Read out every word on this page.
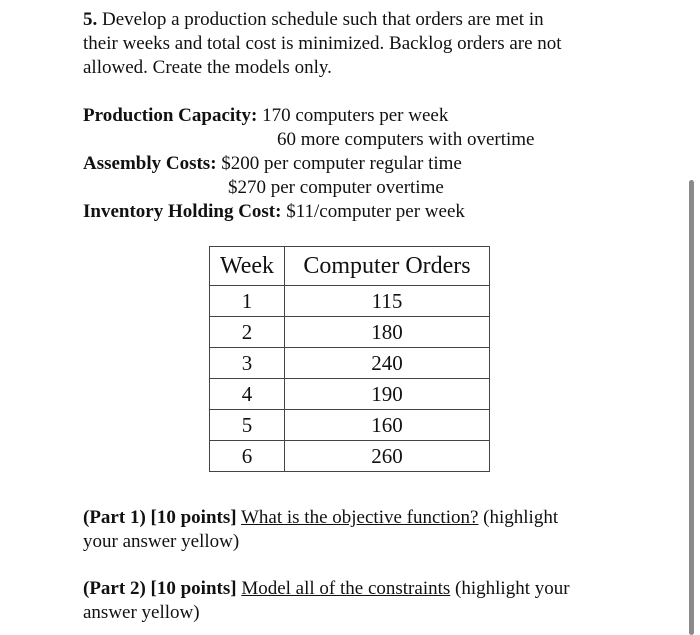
5. Develop a production schedule such that orders are met in
their weeks and total cost is minimized. Backlog orders are not
allowed. Create the models only.
Production Capacity: 170 computers per week
60 more computers with overtime
Assembly Costs: $200 per computer regular time
$270 per computer overtime
Inventory Holding Cost: $11/computer per week
Week	Computer Orders
1	115
2	180
3	240
4	190
5	160
6	260
(Part 1) [10 points] What is the objective function? (highlight
your answer yellow)
(Part 2) [10 points] Model all of the constraints (highlight your
answer yellow)
